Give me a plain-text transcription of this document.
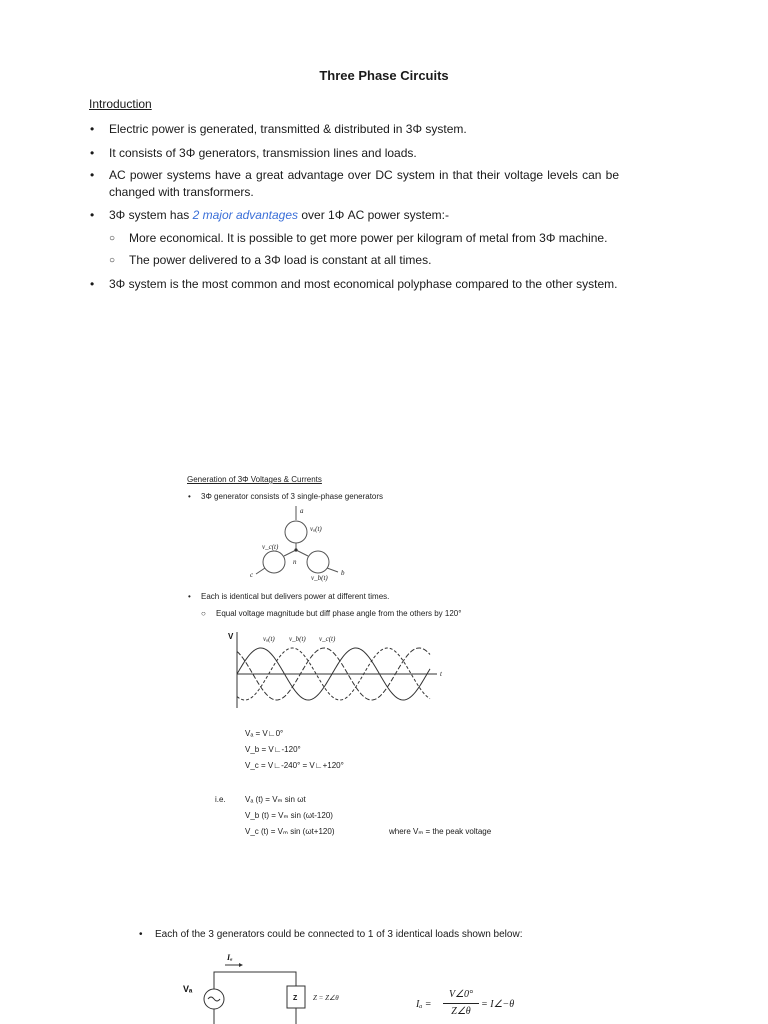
Three Phase Circuits
Introduction
• Electric power is generated, transmitted & distributed in 3Φ system.
• It consists of 3Φ generators, transmission lines and loads.
• AC power systems have a great advantage over DC system in that their voltage levels can be changed with transformers.
• 3Φ system has 2 major advantages over 1Φ AC power system:-
○ More economical. It is possible to get more power per kilogram of metal from 3Φ machine.
○ The power delivered to a 3Φ load is constant at all times.
• 3Φ system is the most common and most economical polyphase compared to the other system.
Generation of 3Φ Voltages & Currents
• 3Φ generator consists of 3 single-phase generators
a
vₐ(t)
v_c(t)
n
c	b
v_b(t)
• Each is identical but delivers power at different times.
○ Equal voltage magnitude but diff phase angle from the others by 120°
V	vₐ(t) v_b(t) v_c(t)
t
Vₐ = V∟0°
V_b = V∟-120°
V_c = V∟-240° = V∟+120°
i.e. Vₐ (t) = Vₘ sin ωt
V_b (t) = Vₘ sin (ωt-120)
V_c (t) = Vₘ sin (ωt+120)	where Vₘ = the peak voltage
• Each of the 3 generators could be connected to 1 of 3 identical loads shown below:
Iₐ
Vₐ
Z Z = Z∠θ
Iₐ =
V∠0°
Z∠θ
= I∠−θ
